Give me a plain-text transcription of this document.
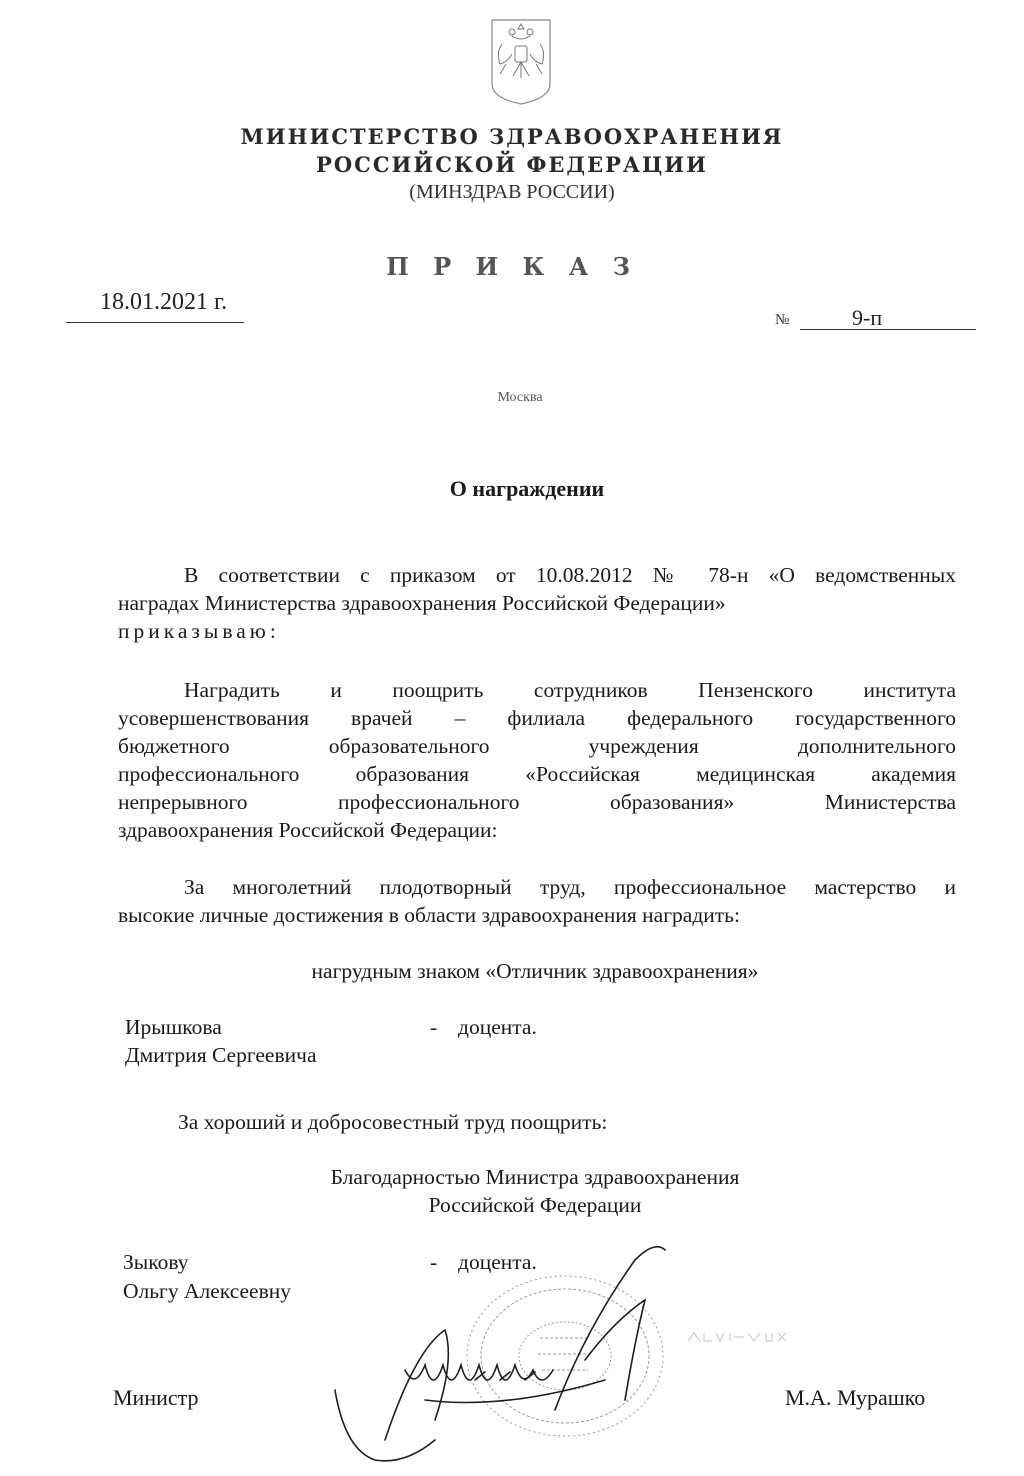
МИНИСТЕРСТВО ЗДРАВООХРАНЕНИЯ
РОССИЙСКОЙ ФЕДЕРАЦИИ
(МИНЗДРАВ РОССИИ)
П Р И К А З
18.01.2021 г.
№	9-п
Москва
О награждении
В соответствии с приказом от 10.08.2012 № 78-н «О ведомственных
наградах Министерства здравоохранения Российской Федерации»
приказываю:
Наградить и поощрить сотрудников Пензенского института
усовершенствования врачей – филиала федерального государственного
бюджетного образовательного учреждения дополнительного
профессионального образования «Российская медицинская академия
непрерывного профессионального образования» Министерства
здравоохранения Российской Федерации:
За многолетний плодотворный труд, профессиональное мастерство и
высокие личные достижения в области здравоохранения наградить:
нагрудным знаком «Отличник здравоохранения»
Ирышкова
Дмитрия Сергеевича
- доцента.
За хороший и добросовестный труд поощрить:
Благодарностью Министра здравоохранения
Российской Федерации
Зыкову
Ольгу Алексеевну
- доцента.
Министр	М.А. Мурашко
